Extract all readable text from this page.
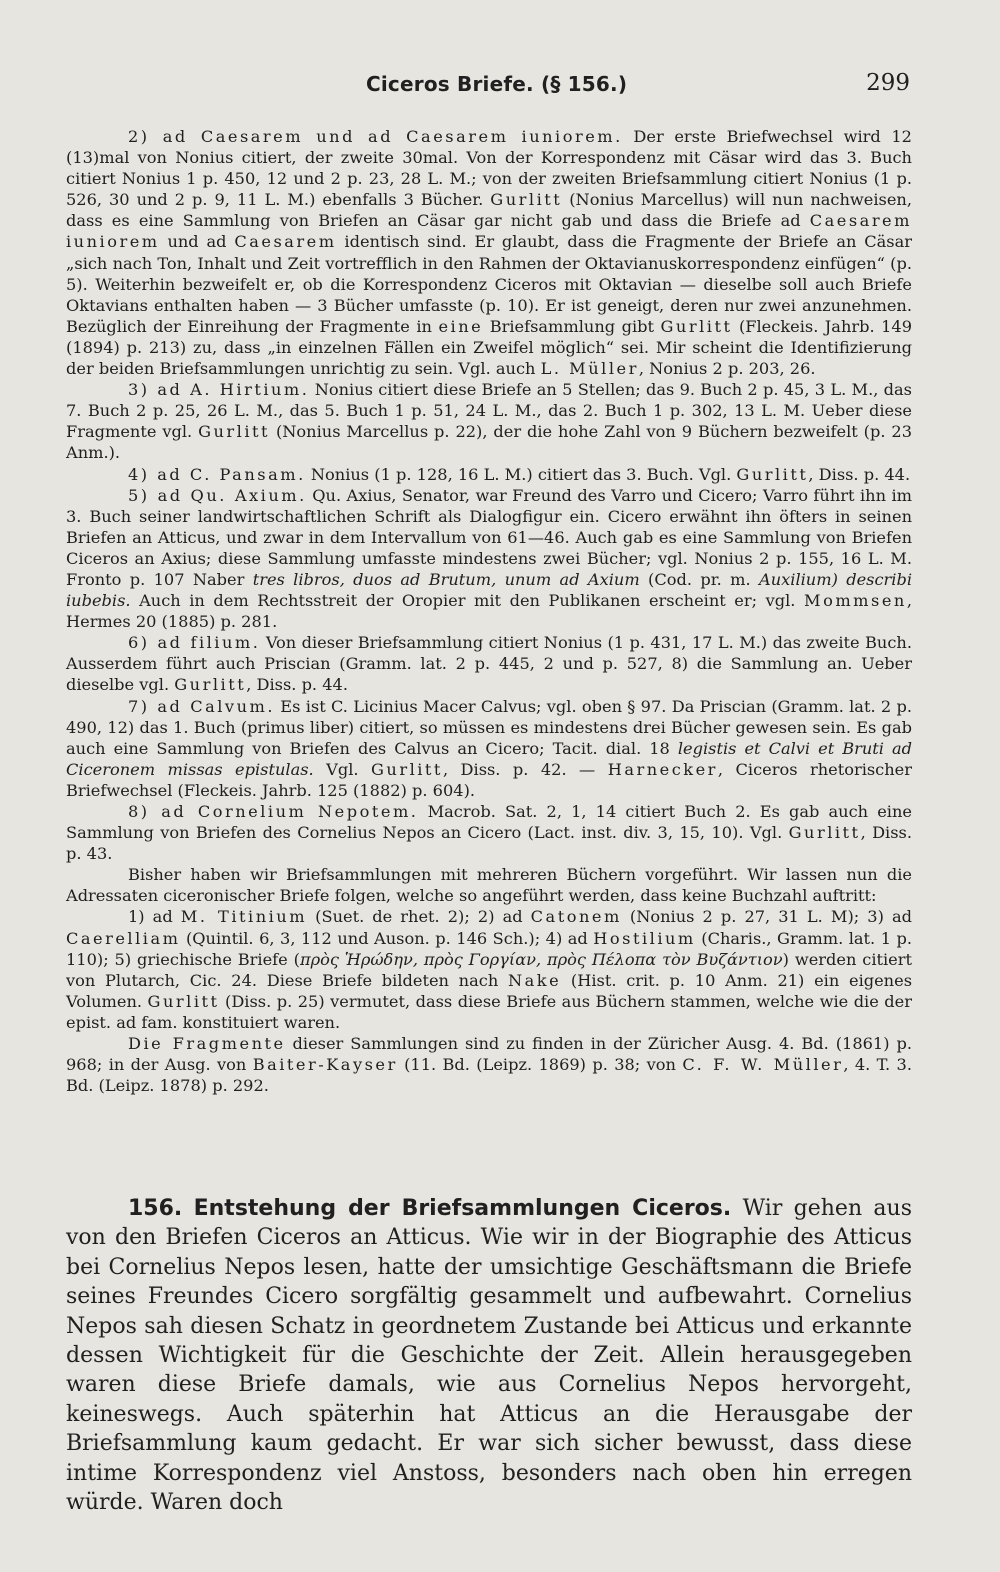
Ciceros Briefe. (§ 156.)	299

2) ad Caesarem und ad Caesarem iuniorem. Der erste Briefwechsel wird 12 (13)mal von Nonius citiert, der zweite 30mal. Von der Korrespondenz mit Cäsar wird das 3. Buch citiert Nonius 1 p. 450, 12 und 2 p. 23, 28 L. M.; von der zweiten Briefsammlung citiert Nonius (1 p. 526, 30 und 2 p. 9, 11 L. M.) ebenfalls 3 Bücher. Gurlitt (Nonius Marcellus) will nun nachweisen, dass es eine Sammlung von Briefen an Cäsar gar nicht gab und dass die Briefe ad Caesarem iuniorem und ad Caesarem identisch sind. Er glaubt, dass die Fragmente der Briefe an Cäsar „sich nach Ton, Inhalt und Zeit vortrefflich in den Rahmen der Oktavianuskorrespondenz einfügen“ (p. 5). Weiterhin bezweifelt er, ob die Korrespondenz Ciceros mit Oktavian — dieselbe soll auch Briefe Oktavians enthalten haben — 3 Bücher umfasste (p. 10). Er ist geneigt, deren nur zwei anzunehmen. Bezüglich der Einreihung der Fragmente in eine Briefsammlung gibt Gurlitt (Fleckeis. Jahrb. 149 (1894) p. 213) zu, dass „in einzelnen Fällen ein Zweifel möglich“ sei. Mir scheint die Identifizierung der beiden Briefsammlungen unrichtig zu sein. Vgl. auch L. Müller, Nonius 2 p. 203, 26.

3) ad A. Hirtium. Nonius citiert diese Briefe an 5 Stellen; das 9. Buch 2 p. 45, 3 L. M., das 7. Buch 2 p. 25, 26 L. M., das 5. Buch 1 p. 51, 24 L. M., das 2. Buch 1 p. 302, 13 L. M. Ueber diese Fragmente vgl. Gurlitt (Nonius Marcellus p. 22), der die hohe Zahl von 9 Büchern bezweifelt (p. 23 Anm.).

4) ad C. Pansam. Nonius (1 p. 128, 16 L. M.) citiert das 3. Buch. Vgl. Gurlitt, Diss. p. 44.

5) ad Qu. Axium. Qu. Axius, Senator, war Freund des Varro und Cicero; Varro führt ihn im 3. Buch seiner landwirtschaftlichen Schrift als Dialogfigur ein. Cicero erwähnt ihn öfters in seinen Briefen an Atticus, und zwar in dem Intervallum von 61—46. Auch gab es eine Sammlung von Briefen Ciceros an Axius; diese Sammlung umfasste mindestens zwei Bücher; vgl. Nonius 2 p. 155, 16 L. M. Fronto p. 107 Naber tres libros, duos ad Brutum, unum ad Axium (Cod. pr. m. Auxilium) describi iubebis. Auch in dem Rechtsstreit der Oropier mit den Publikanen erscheint er; vgl. Mommsen, Hermes 20 (1885) p. 281.

6) ad filium. Von dieser Briefsammlung citiert Nonius (1 p. 431, 17 L. M.) das zweite Buch. Ausserdem führt auch Priscian (Gramm. lat. 2 p. 445, 2 und p. 527, 8) die Sammlung an. Ueber dieselbe vgl. Gurlitt, Diss. p. 44.

7) ad Calvum. Es ist C. Licinius Macer Calvus; vgl. oben § 97. Da Priscian (Gramm. lat. 2 p. 490, 12) das 1. Buch (primus liber) citiert, so müssen es mindestens drei Bücher gewesen sein. Es gab auch eine Sammlung von Briefen des Calvus an Cicero; Tacit. dial. 18 legistis et Calvi et Bruti ad Ciceronem missas epistulas. Vgl. Gurlitt, Diss. p. 42. — Harnecker, Ciceros rhetorischer Briefwechsel (Fleckeis. Jahrb. 125 (1882) p. 604).

8) ad Cornelium Nepotem. Macrob. Sat. 2, 1, 14 citiert Buch 2. Es gab auch eine Sammlung von Briefen des Cornelius Nepos an Cicero (Lact. inst. div. 3, 15, 10). Vgl. Gurlitt, Diss. p. 43.

Bisher haben wir Briefsammlungen mit mehreren Büchern vorgeführt. Wir lassen nun die Adressaten ciceronischer Briefe folgen, welche so angeführt werden, dass keine Buchzahl auftritt:

1) ad M. Titinium (Suet. de rhet. 2); 2) ad Catonem (Nonius 2 p. 27, 31 L. M); 3) ad Caerelliam (Quintil. 6, 3, 112 und Auson. p. 146 Sch.); 4) ad Hostilium (Charis., Gramm. lat. 1 p. 110); 5) griechische Briefe (πρὸς Ἡρώδην, πρὸς Γοργίαν, πρὸς Πέλοπα τὸν Βυζάντιον) werden citiert von Plutarch, Cic. 24. Diese Briefe bildeten nach Nake (Hist. crit. p. 10 Anm. 21) ein eigenes Volumen. Gurlitt (Diss. p. 25) vermutet, dass diese Briefe aus Büchern stammen, welche wie die der epist. ad fam. konstituiert waren.

Die Fragmente dieser Sammlungen sind zu finden in der Züricher Ausg. 4. Bd. (1861) p. 968; in der Ausg. von Baiter-Kayser (11. Bd. (Leipz. 1869) p. 38; von C. F. W. Müller, 4. T. 3. Bd. (Leipz. 1878) p. 292.

156. Entstehung der Briefsammlungen Ciceros. Wir gehen aus von den Briefen Ciceros an Atticus. Wie wir in der Biographie des Atticus bei Cornelius Nepos lesen, hatte der umsichtige Geschäftsmann die Briefe seines Freundes Cicero sorgfältig gesammelt und aufbewahrt. Cornelius Nepos sah diesen Schatz in geordnetem Zustande bei Atticus und erkannte dessen Wichtigkeit für die Geschichte der Zeit. Allein herausgegeben waren diese Briefe damals, wie aus Cornelius Nepos hervorgeht, keineswegs. Auch späterhin hat Atticus an die Herausgabe der Briefsammlung kaum gedacht. Er war sich sicher bewusst, dass diese intime Korrespondenz viel Anstoss, besonders nach oben hin erregen würde. Waren doch
